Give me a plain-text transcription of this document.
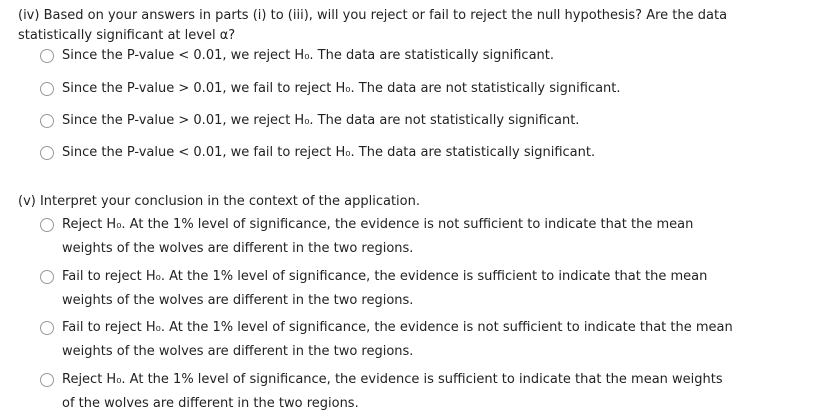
(iv) Based on your answers in parts (i) to (iii), will you reject or fail to reject the null hypothesis? Are the data
statistically significant at level α?
Since the P-value < 0.01, we reject H₀. The data are statistically significant.
Since the P-value > 0.01, we fail to reject H₀. The data are not statistically significant.
Since the P-value > 0.01, we reject H₀. The data are not statistically significant.
Since the P-value < 0.01, we fail to reject H₀. The data are statistically significant.
(v) Interpret your conclusion in the context of the application.

Reject H₀. At the 1% level of significance, the evidence is not sufficient to indicate that the mean

weights of the wolves are different in the two regions.

Fail to reject H₀. At the 1% level of significance, the evidence is sufficient to indicate that the mean

weights of the wolves are different in the two regions.

Fail to reject H₀. At the 1% level of significance, the evidence is not sufficient to indicate that the mean

weights of the wolves are different in the two regions.

Reject H₀. At the 1% level of significance, the evidence is sufficient to indicate that the mean weights

of the wolves are different in the two regions.
